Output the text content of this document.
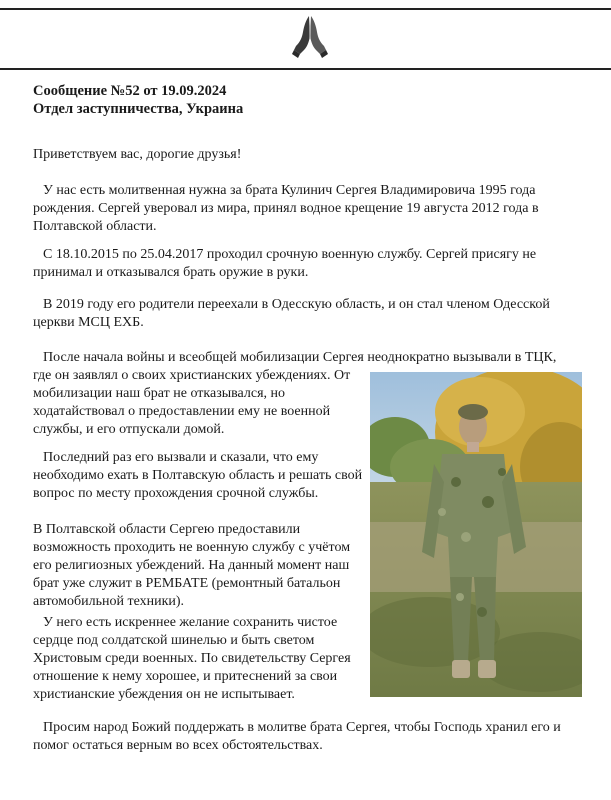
Сообщение №52 от 19.09.2024
Отдел заступничества, Украина

Приветствуем вас, дорогие друзья!

У нас есть молитвенная нужна за брата Кулинич Сергея Владимировича 1995 года рождения. Сергей уверовал из мира, принял водное крещение 19 августа 2012 года в Полтавской области.

С 18.10.2015 по 25.04.2017 проходил срочную военную службу. Сергей присягу не принимал и отказывался брать оружие в руки.

В 2019 году его родители переехали в Одесскую область, и он стал членом Одесской церкви МСЦ ЕХБ.

После начала войны и всеобщей мобилизации Сергея неоднократно вызывали в ТЦК,

где он заявлял о своих христианских убеждениях. От мобилизации наш брат не отказывался, но ходатайствовал о предоставлении ему не военной службы, и его отпускали домой.

Последний раз его вызвали и сказали, что ему необходимо ехать в Полтавскую область и решать свой вопрос по месту прохождения срочной службы.

В Полтавской области Сергею предоставили возможность проходить не военную службу с учётом его религиозных убеждений. На данный момент наш брат уже служит в РЕМБАТЕ (ремонтный батальон автомобильной техники).

У него есть искреннее желание сохранить чистое сердце под солдатской шинелью и быть светом Христовым среди военных. По свидетельству Сергея отношение к нему хорошее, и притеснений за свои христианские убеждения он не испытывает.

Просим народ Божий поддержать в молитве брата Сергея, чтобы Господь хранил его и помог остаться верным во всех обстоятельствах.
